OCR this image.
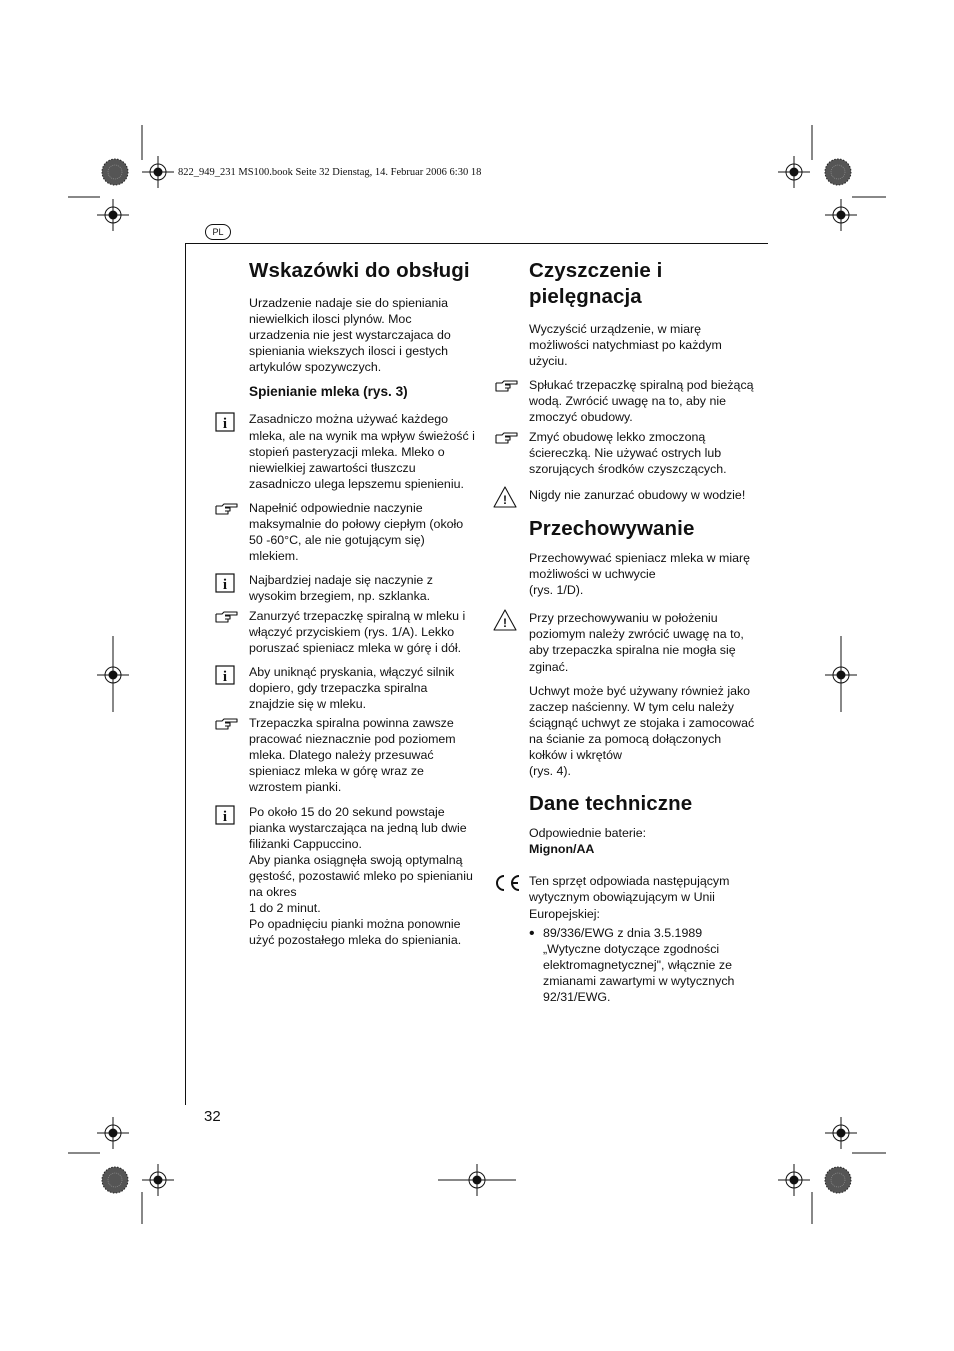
822_949_231 MS100.book Seite 32 Dienstag, 14. Februar 2006 6:30 18
PL
32
Wskazówki do obsługi

Urzadzenie nadaje sie do spieniania niewielkich ilosci plynów. Moc urzadzenia nie jest wystarczajaca do spieniania wiekszych ilosci i gestych artykulów spozywczych.

Spienianie mleka (rys. 3)
i Zasadniczo można używać każdego mleka, ale na wynik ma wpływ świeżość i stopień pasteryzacji mleka. Mleko o niewielkiej zawartości tłuszczu zasadniczo ulega lepszemu spienieniu.

Napełnić odpowiednie naczynie maksymalnie do połowy ciepłym (około 50 -60°C, ale nie gotującym się) mlekiem.

i Najbardziej nadaje się naczynie z wysokim brzegiem, np. szklanka.

Zanurzyć trzepaczkę spiralną w mleku i włączyć przyciskiem (rys. 1/A). Lekko poruszać spieniacz mleka w górę i dół.

i Aby uniknąć pryskania, włączyć silnik dopiero, gdy trzepaczka spiralna znajdzie się w mleku.

Trzepaczka spiralna powinna zawsze pracować nieznacznie pod poziomem mleka. Dlatego należy przesuwać spieniacz mleka w górę wraz ze wzrostem pianki.

i Po około 15 do 20 sekund powstaje pianka wystarczająca na jedną lub dwie filiżanki Cappuccino.
Aby pianka osiągnęła swoją optymalną gęstość, pozostawić mleko po spienianiu na okres
1 do 2 minut.
Po opadnięciu pianki można ponownie użyć pozostałego mleka do spieniania.

Czyszczenie i pielęgnacja

Wyczyścić urządzenie, w miarę możliwości natychmiast po każdym użyciu.

Spłukać trzepaczkę spiralną pod bieżącą wodą. Zwrócić uwagę na to, aby nie zmoczyć obudowy.

Zmyć obudowę lekko zmoczoną ściereczką. Nie używać ostrych lub szorujących środków czyszczących.

! Nigdy nie zanurzać obudowy w wodzie!

Przechowywanie

Przechowywać spieniacz mleka w miarę możliwości w uchwycie
(rys. 1/D).

! Przy przechowywaniu w położeniu poziomym należy zwrócić uwagę na to, aby trzepaczka spiralna nie mogła się zginać.

Uchwyt może być używany również jako zaczep naścienny. W tym celu należy ściągnąć uchwyt ze stojaka i zamocować na ścianie za pomocą dołączonych kołków i wkrętów
(rys. 4).

Dane techniczne

Odpowiednie baterie:

Mignon/AA

Ten sprzęt odpowiada następującym wytycznym obowiązującym w Unii Europejskiej:

• 89/336/EWG z dnia 3.5.1989 „Wytyczne dotyczące zgodności elektromagnetycznej", włącznie ze zmianami zawartymi w wytycznych 92/31/EWG.
